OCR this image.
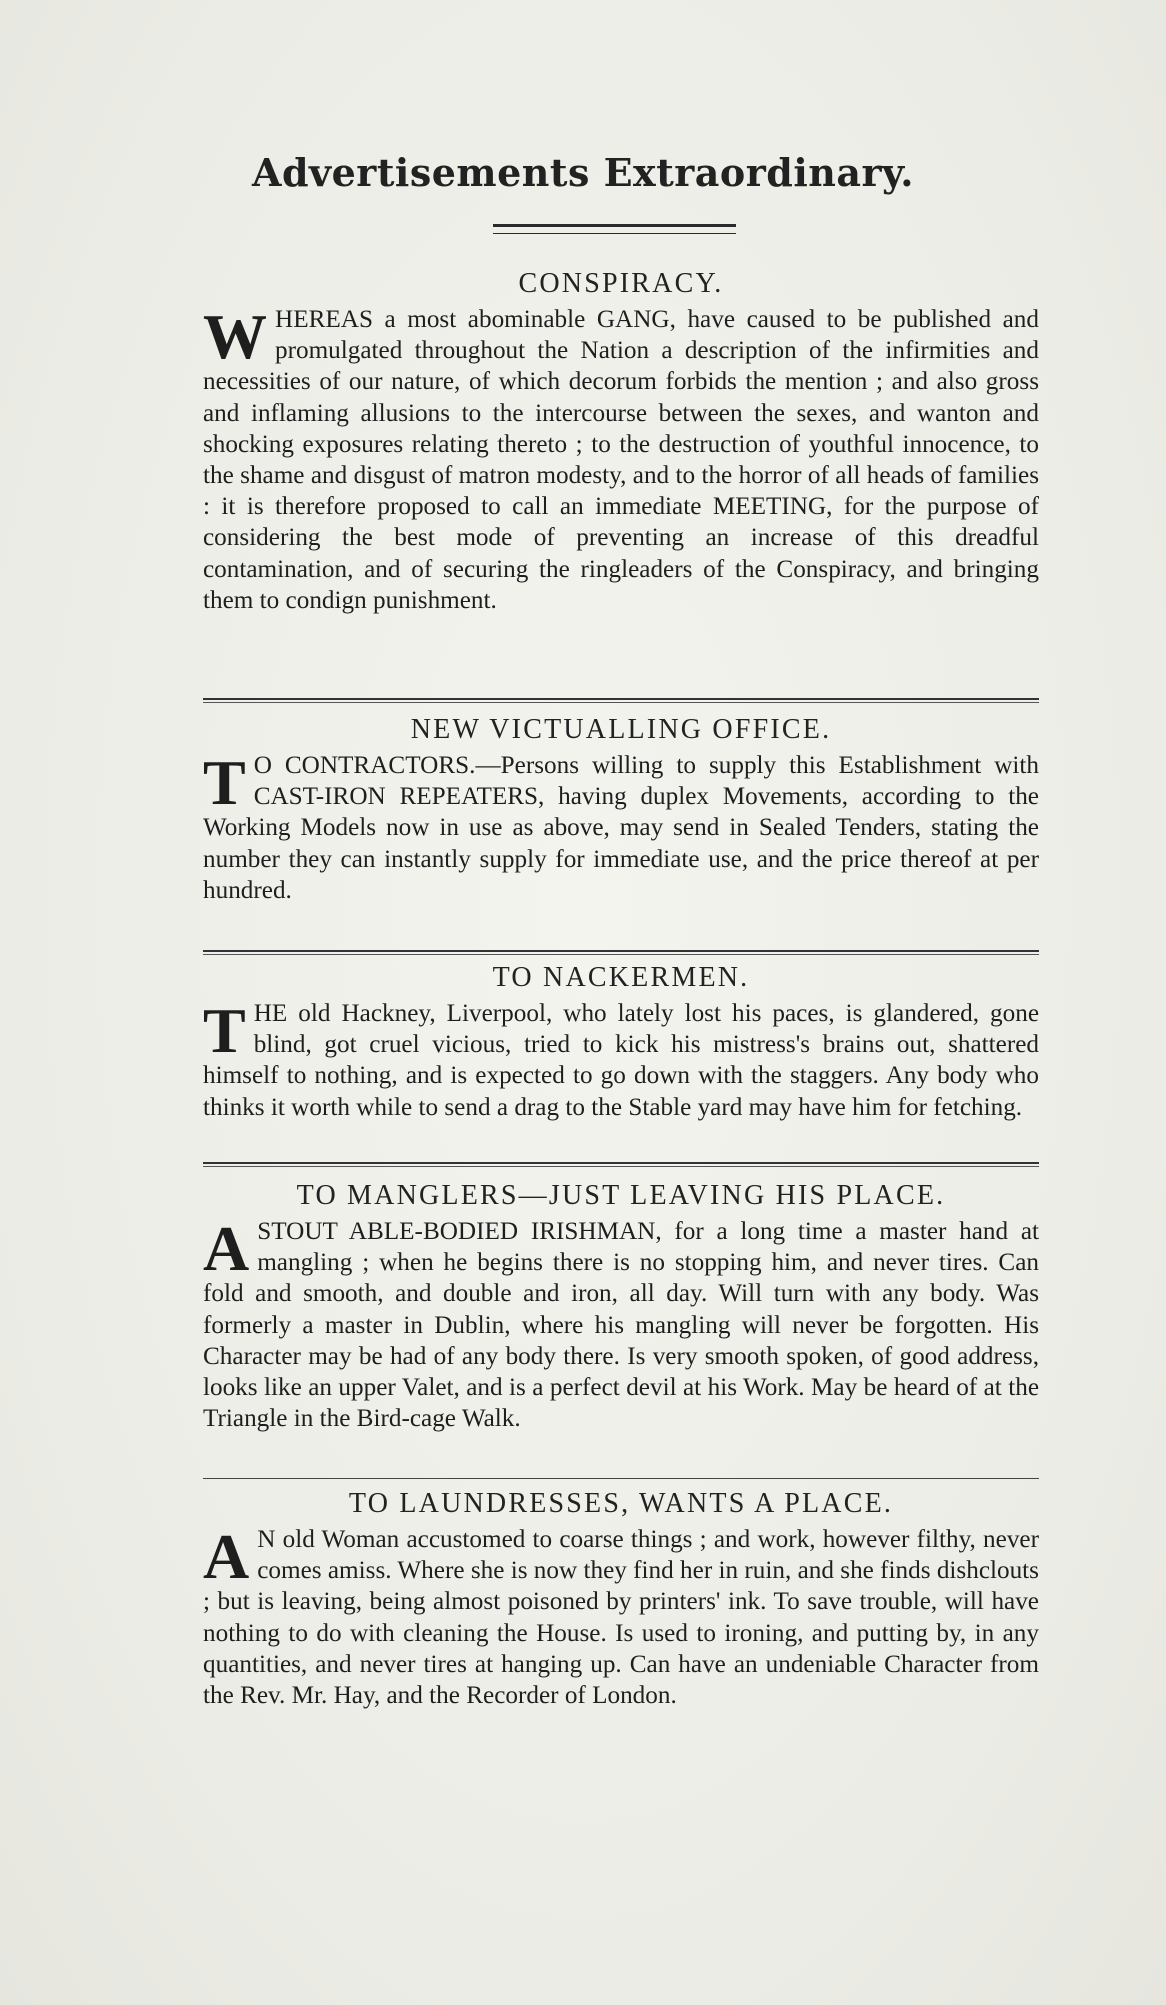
Advertisements Extraordinary.
CONSPIRACY.

WHEREAS a most abominable GANG, have caused to be published and promulgated throughout the Nation a description of the infirmities and necessities of our nature, of which decorum forbids the mention ; and also gross and inflaming allusions to the intercourse between the sexes, and wanton and shocking exposures relating thereto ; to the destruction of youthful innocence, to the shame and disgust of matron modesty, and to the horror of all heads of families : it is therefore proposed to call an immediate MEETING, for the purpose of considering the best mode of preventing an increase of this dreadful contamination, and of securing the ringleaders of the Conspiracy, and bringing them to condign punishment.

NEW VICTUALLING OFFICE.

T O CONTRACTORS.—Persons willing to supply this Establishment with CAST-IRON REPEATERS, having duplex Movements, according to the Working Models now in use as above, may send in Sealed Tenders, stating the number they can instantly supply for immediate use, and the price thereof at per hundred.

TO NACKERMEN.

THE old Hackney, Liverpool, who lately lost his paces, is glandered, gone blind, got cruel vicious, tried to kick his mistress's brains out, shattered himself to nothing, and is expected to go down with the staggers. Any body who thinks it worth while to send a drag to the Stable yard may have him for fetching.

TO MANGLERS—JUST LEAVING HIS PLACE.

ASTOUT ABLE-BODIED IRISHMAN, for a long time a master hand at mangling ; when he begins there is no stopping him, and never tires. Can fold and smooth, and double and iron, all day. Will turn with any body. Was formerly a master in Dublin, where his mangling will never be forgotten. His Character may be had of any body there. Is very smooth spoken, of good address, looks like an upper Valet, and is a perfect devil at his Work. May be heard of at the Triangle in the Bird-cage Walk.

TO LAUNDRESSES, WANTS A PLACE.

A N old Woman accustomed to coarse things ; and work, however filthy, never comes amiss. Where she is now they find her in ruin, and she finds dishclouts ; but is leaving, being almost poisoned by printers' ink. To save trouble, will have nothing to do with cleaning the House. Is used to ironing, and putting by, in any quantities, and never tires at hanging up. Can have an undeniable Character from the Rev. Mr. Hay, and the Recorder of London.
